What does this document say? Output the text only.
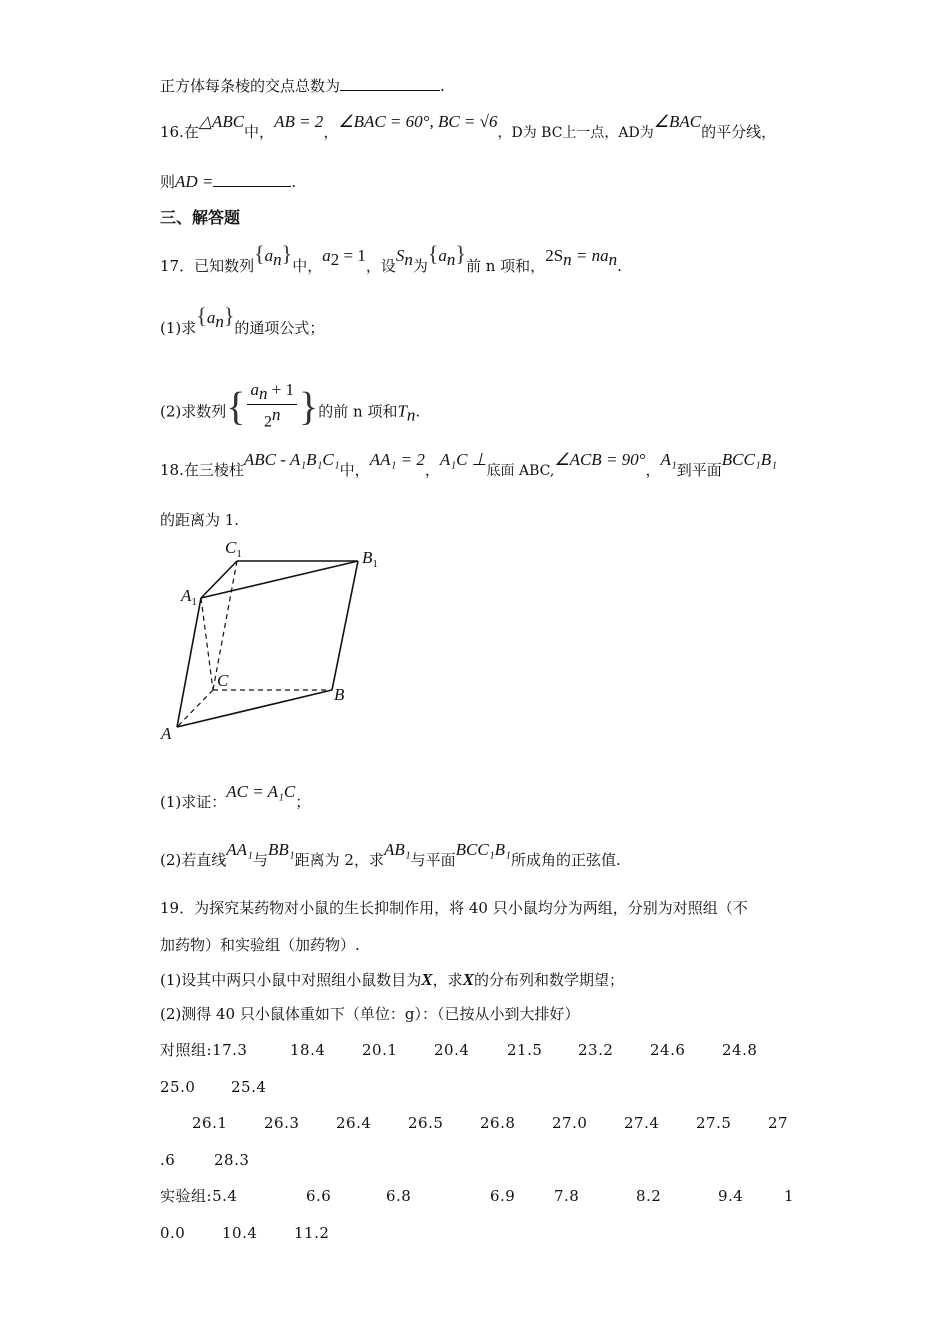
正方体每条棱的交点总数为	.
16.在△ABC中，AB = 2，∠BAC = 60°, BC = √6，D为 BC上一点，AD为∠BAC的平分线，
则AD =	.
三、解答题
17．已知数列$\{a_n\}$中，$a_2 = 1$，设$S_n$为$\{a_n\}$前 n 项和，$2S_n = na_n$.
(1)求$\{a_n\}$的通项公式；
(2)求数列{ $\frac{a_n + 1}{2^n}$ }的前 n 项和$T_n$.
18.在三棱柱ABC - A₁B₁C₁中，AA₁ = 2，A₁C ⊥底面 ABC,∠ACB = 90°，A₁到平面BCC₁B₁
的距离为 1.
$C_1$	$B_1$
$A_1$
C
B
A
(1)求证：AC = A₁C；
(2)若直线AA₁与BB₁距离为 2，求AB₁与平面BCC₁B₁所成角的正弦值.
19．为探究某药物对小鼠的生长抑制作用，将 40 只小鼠均分为两组，分别为对照组（不
加药物）和实验组（加药物）.
(1)设其中两只小鼠中对照组小鼠数目为X，求X的分布列和数学期望；
(2)测得 40 只小鼠体重如下（单位：g）：（已按从小到大排好）
对照组:17.3	18.4 20.1 20.4	21.5 23.2 24.6 24.8
25.0 25.4
26.1 26.3 26.4 26.5 26.8 27.0 27.4 27.5 27
.6	28.3
实验组:5.4	6.6	6.8	6.9	7.8	8.2	9.4	1
0.0 10.4 11.2
